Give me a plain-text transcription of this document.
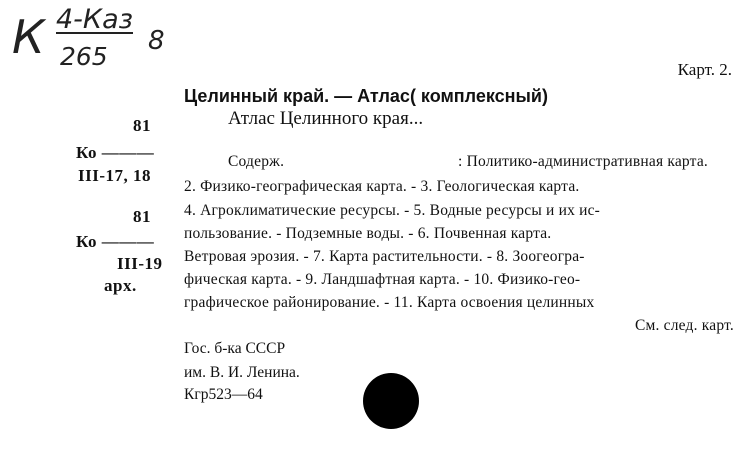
К 4-Каз
265
8
Карт. 2.
81
Ко ———
III-17, 18
81
Ко ———
III-19
арх.
Целинный край. — Атлас( комплексный)
Атлас Целинного края...
Содерж.	: Политико-административная карта.
2. Физико-географическая карта. - 3. Геологическая карта.
4. Агроклиматические ресурсы. - 5. Водные ресурсы и их ис-
пользование. - Подземные воды. - 6. Почвенная карта.
Ветровая эрозия. - 7. Карта растительности. - 8. Зоогеогра-
фическая карта. - 9. Ландшафтная карта. - 10. Физико-гео-
графическое районирование. - 11. Карта освоения целинных
См. след. карт.
Гос. б-ка СССР
им. В. И. Ленина.
Кгр523—64
